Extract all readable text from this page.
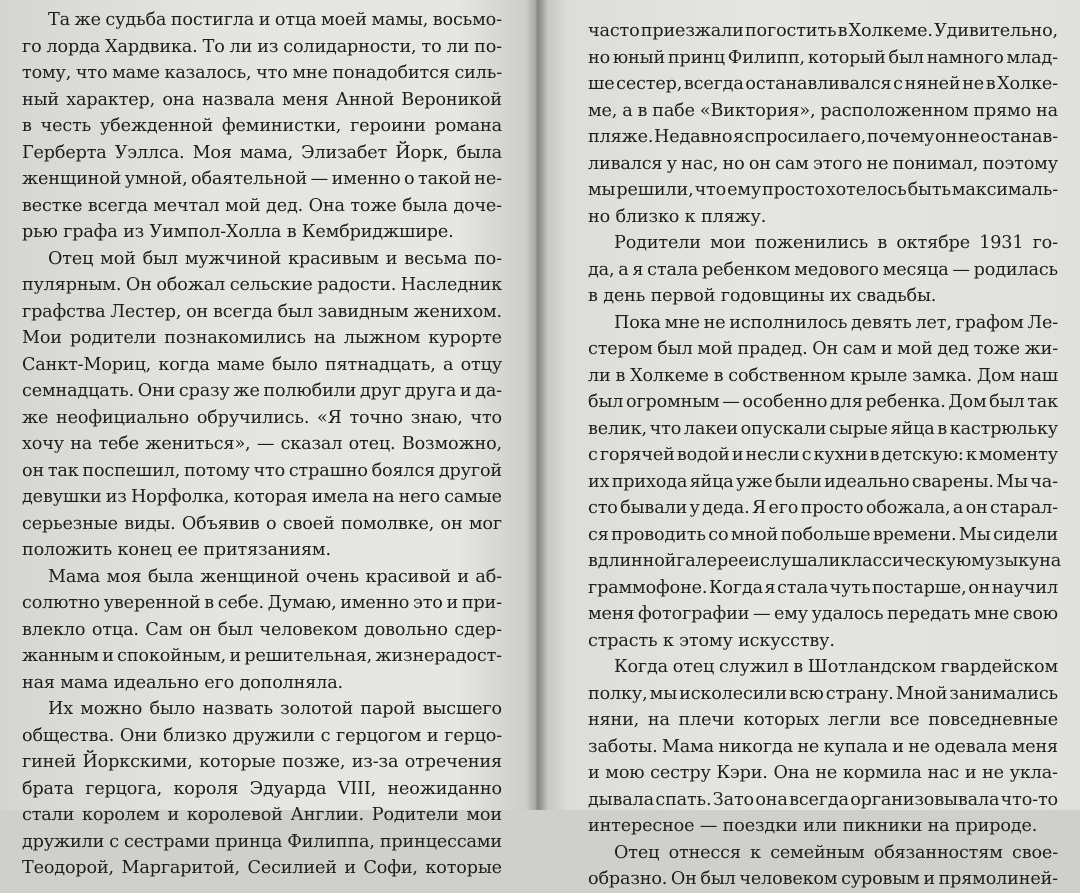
Та же судьба постигла и отца моей мамы, восьмо-
го лорда Хардвика. То ли из солидарности, то ли по-
тому, что маме казалось, что мне понадобится силь-
ный характер, она назвала меня Анной Вероникой
в честь убежденной феминистки, героини романа
Герберта Уэллса. Моя мама, Элизабет Йорк, была
женщиной умной, обаятельной — именно о такой не-
вестке всегда мечтал мой дед. Она тоже была доче-
рью графа из Уимпол-Холла в Кембриджшире.
Отец мой был мужчиной красивым и весьма по-
пулярным. Он обожал сельские радости. Наследник
графства Лестер, он всегда был завидным женихом.
Мои родители познакомились на лыжном курорте
Санкт-Мориц, когда маме было пятнадцать, а отцу
семнадцать. Они сразу же полюбили друг друга и да-
же неофициально обручились. «Я точно знаю, что
хочу на тебе жениться», — сказал отец. Возможно,
он так поспешил, потому что страшно боялся другой
девушки из Норфолка, которая имела на него самые
серьезные виды. Объявив о своей помолвке, он мог
положить конец ее притязаниям.
Мама моя была женщиной очень красивой и аб-
солютно уверенной в себе. Думаю, именно это и при-
влекло отца. Сам он был человеком довольно сдер-
жанным и спокойным, и решительная, жизнерадост-
ная мама идеально его дополняла.
Их можно было назвать золотой парой высшего
общества. Они близко дружили с герцогом и герцо-
гиней Йоркскими, которые позже, из-за отречения
брата герцога, короля Эдуарда VIII, неожиданно
стали королем и королевой Англии. Родители мои
дружили с сестрами принца Филиппа, принцессами
Теодорой, Маргаритой, Сесилией и Софи, которые
часто приезжали погостить в Холкеме. Удивительно,
но юный принц Филипп, который был намного млад-
ше сестер, всегда останавливался с няней не в Холке-
ме, а в пабе «Виктория», расположенном прямо на
пляже. Недавно я спросила его, почему он не останав-
ливался у нас, но он сам этого не понимал, поэтому
мы решили, что ему просто хотелось быть максималь-
но близко к пляжу.
Родители мои поженились в октябре 1931 го-
да, а я стала ребенком медового месяца — родилась
в день первой годовщины их свадьбы.
Пока мне не исполнилось девять лет, графом Ле-
стером был мой прадед. Он сам и мой дед тоже жи-
ли в Холкеме в собственном крыле замка. Дом наш
был огромным — особенно для ребенка. Дом был так
велик, что лакеи опускали сырые яйца в кастрюльку
с горячей водой и несли с кухни в детскую: к моменту
их прихода яйца уже были идеально сварены. Мы ча-
сто бывали у деда. Я его просто обожала, а он старал-
ся проводить со мной побольше времени. Мы сидели
в длинной галерее и слушали классическую музыку на
граммофоне. Когда я стала чуть постарше, он научил
меня фотографии — ему удалось передать мне свою
страсть к этому искусству.
Когда отец служил в Шотландском гвардейском
полку, мы исколесили всю страну. Мной занимались
няни, на плечи которых легли все повседневные
заботы. Мама никогда не купала и не одевала меня
и мою сестру Кэри. Она не кормила нас и не укла-
дывала спать. Зато она всегда организовывала что-то
интересное — поездки или пикники на природе.
Отец отнесся к семейным обязанностям свое-
образно. Он был человеком суровым и прямолиней-
